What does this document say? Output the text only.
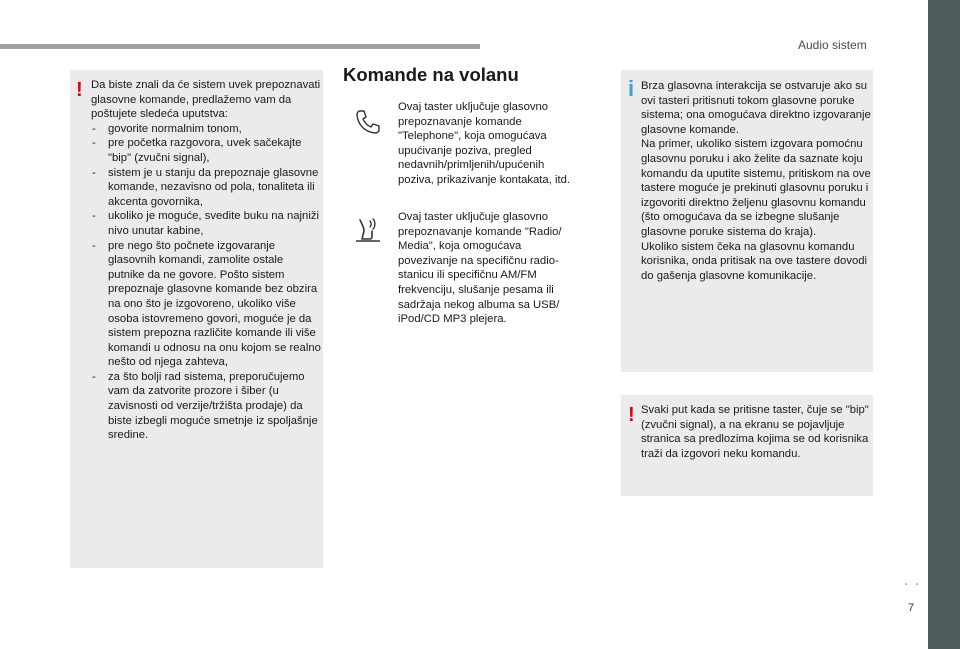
Audio sistem
. .
7
! Da biste znali da će sistem uvek prepoznavati glasovne komande, predlažemo vam da poštujete sledeća uputstva:
- govorite normalnim tonom,
- pre početka razgovora, uvek sačekajte "bip" (zvučni signal),
- sistem je u stanju da prepoznaje glasovne komande, nezavisno od pola, tonaliteta ili akcenta govornika,
- ukoliko je moguće, svedite buku na najniži nivo unutar kabine,
- pre nego što počnete izgovaranje glasovnih komandi, zamolite ostale putnike da ne govore. Pošto sistem prepoznaje glasovne komande bez obzira na ono što je izgovoreno, ukoliko više osoba istovremeno govori, moguće je da sistem prepozna različite komande ili više komandi u odnosu na onu kojom se realno nešto od njega zahteva,
- za što bolji rad sistema, preporučujemo vam da zatvorite prozore i šiber (u zavisnosti od verzije/tržišta prodaje) da biste izbegli moguće smetnje iz spoljašnje sredine.
Komande na volanu
Ovaj taster uključuje glasovno prepoznavanje komande "Telephone", koja omogućava upućivanje poziva, pregled nedavnih/primljenih/upućenih poziva, prikazivanje kontakata, itd.
Ovaj taster uključuje glasovno prepoznavanje komande "Radio/ Media", koja omogućava povezivanje na specifičnu radio-stanicu ili specifičnu AM/FM frekvenciju, slušanje pesama ili sadržaja nekog albuma sa USB/ iPod/CD MP3 plejera.
i Brza glasovna interakcija se ostvaruje ako su ovi tasteri pritisnuti tokom glasovne poruke sistema; ona omogućava direktno izgovaranje glasovne komande.
Na primer, ukoliko sistem izgovara pomoćnu glasovnu poruku i ako želite da saznate koju komandu da uputite sistemu, pritiskom na ove tastere moguće je prekinuti glasovnu poruku i izgovoriti direktno željenu glasovnu komandu (što omogućava da se izbegne slušanje glasovne poruke sistema do kraja).
Ukoliko sistem čeka na glasovnu komandu korisnika, onda pritisak na ove tastere dovodi do gašenja glasovne komunikacije.
! Svaki put kada se pritisne taster, čuje se "bip" (zvučni signal), a na ekranu se pojavljuje stranica sa predlozima kojima se od korisnika traži da izgovori neku komandu.
